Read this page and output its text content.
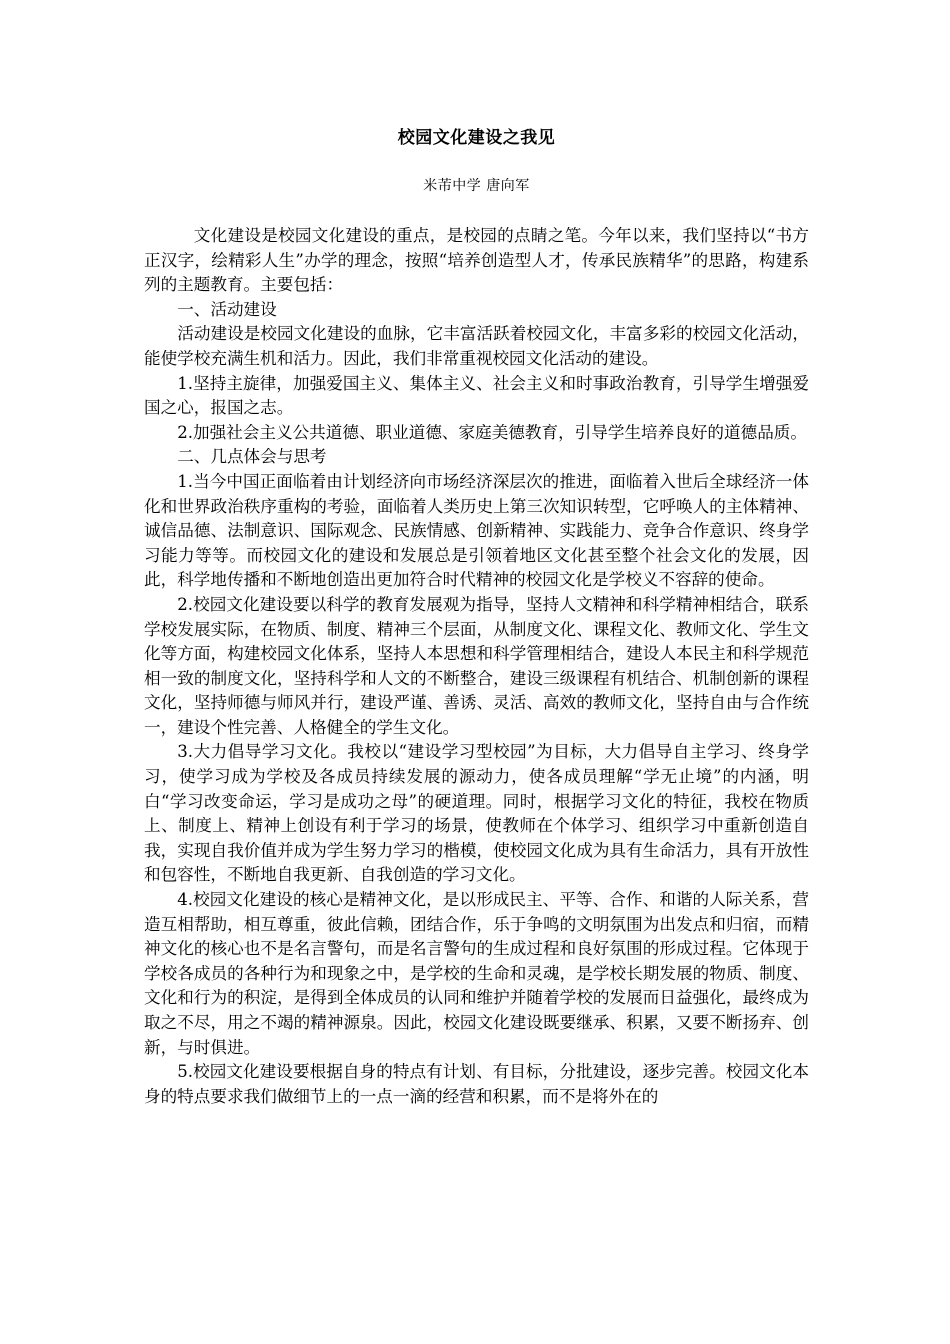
校园文化建设之我见
米芾中学 唐向军

文化建设是校园文化建设的重点，是校园的点睛之笔。今年以来，我们坚持以“书方正汉字，绘精彩人生”办学的理念，按照“培养创造型人才，传承民族精华”的思路，构建系列的主题教育。主要包括：

一、活动建设

活动建设是校园文化建设的血脉，它丰富活跃着校园文化，丰富多彩的校园文化活动，能使学校充满生机和活力。因此，我们非常重视校园文化活动的建设。

1.坚持主旋律，加强爱国主义、集体主义、社会主义和时事政治教育，引导学生增强爱国之心，报国之志。

2.加强社会主义公共道德、职业道德、家庭美德教育，引导学生培养良好的道德品质。

二、几点体会与思考

1.当今中国正面临着由计划经济向市场经济深层次的推进，面临着入世后全球经济一体化和世界政治秩序重构的考验，面临着人类历史上第三次知识转型，它呼唤人的主体精神、诚信品德、法制意识、国际观念、民族情感、创新精神、实践能力、竞争合作意识、终身学习能力等等。而校园文化的建设和发展总是引领着地区文化甚至整个社会文化的发展，因此，科学地传播和不断地创造出更加符合时代精神的校园文化是学校义不容辞的使命。

2.校园文化建设要以科学的教育发展观为指导，坚持人文精神和科学精神相结合，联系学校发展实际，在物质、制度、精神三个层面，从制度文化、课程文化、教师文化、学生文化等方面，构建校园文化体系，坚持人本思想和科学管理相结合，建设人本民主和科学规范相一致的制度文化，坚持科学和人文的不断整合，建设三级课程有机结合、机制创新的课程文化，坚持师德与师风并行，建设严谨、善诱、灵活、高效的教师文化，坚持自由与合作统一，建设个性完善、人格健全的学生文化。

3.大力倡导学习文化。我校以“建设学习型校园”为目标，大力倡导自主学习、终身学习，使学习成为学校及各成员持续发展的源动力，使各成员理解“学无止境”的内涵，明白“学习改变命运，学习是成功之母”的硬道理。同时，根据学习文化的特征，我校在物质上、制度上、精神上创设有利于学习的场景，使教师在个体学习、组织学习中重新创造自我，实现自我价值并成为学生努力学习的楷模，使校园文化成为具有生命活力，具有开放性和包容性，不断地自我更新、自我创造的学习文化。

4.校园文化建设的核心是精神文化，是以形成民主、平等、合作、和谐的人际关系，营造互相帮助，相互尊重，彼此信赖，团结合作，乐于争鸣的文明氛围为出发点和归宿，而精神文化的核心也不是名言警句，而是名言警句的生成过程和良好氛围的形成过程。它体现于学校各成员的各种行为和现象之中，是学校的生命和灵魂，是学校长期发展的物质、制度、文化和行为的积淀，是得到全体成员的认同和维护并随着学校的发展而日益强化，最终成为取之不尽，用之不竭的精神源泉。因此，校园文化建设既要继承、积累，又要不断扬弃、创新，与时俱进。

5.校园文化建设要根据自身的特点有计划、有目标，分批建设，逐步完善。校园文化本身的特点要求我们做细节上的一点一滴的经营和积累，而不是将外在的
